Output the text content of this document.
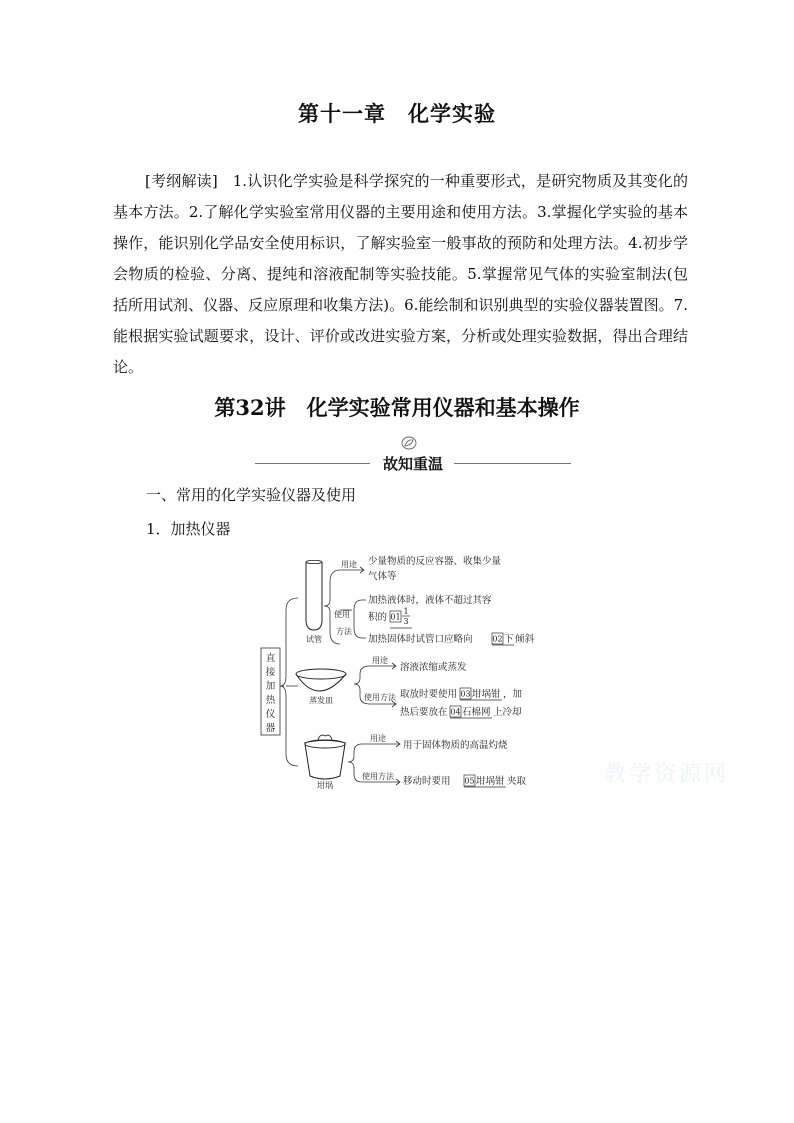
第十一章　化学实验
[考纲解读]  1.认识化学实验是科学探究的一种重要形式，是研究物质及其变化的基本方法。2.了解化学实验室常用仪器的主要用途和使用方法。3.掌握化学实验的基本操作，能识别化学品安全使用标识，了解实验室一般事故的预防和处理方法。4.初步学会物质的检验、分离、提纯和溶液配制等实验技能。5.掌握常见气体的实验室制法(包括所用试剂、仪器、反应原理和收集方法)。6.能绘制和识别典型的实验仪器装置图。7.能根据实验试题要求，设计、评价或改进实验方案，分析或处理实验数据，得出合理结论。
第32讲　化学实验常用仪器和基本操作
故知重温
一、常用的化学实验仪器及使用
1．加热仪器
直
接
加
热
仪
器
试管
用途 少量物质的反应容器、收集少量
气体等
使用
方法
加热液体时，液体不超过其容
积的 01
1
3
加热固体时试管口应略向 02 下 倾斜
蒸发皿
用途
溶液浓缩或蒸发
使用方法 取放时要使用 03 坩埚钳 ，加
热后要放在 04 石棉网 上冷却
坩埚
用途
用于固体物质的高温灼烧
使用方法 移动时要用 05 坩埚钳 夹取	教学资源网
